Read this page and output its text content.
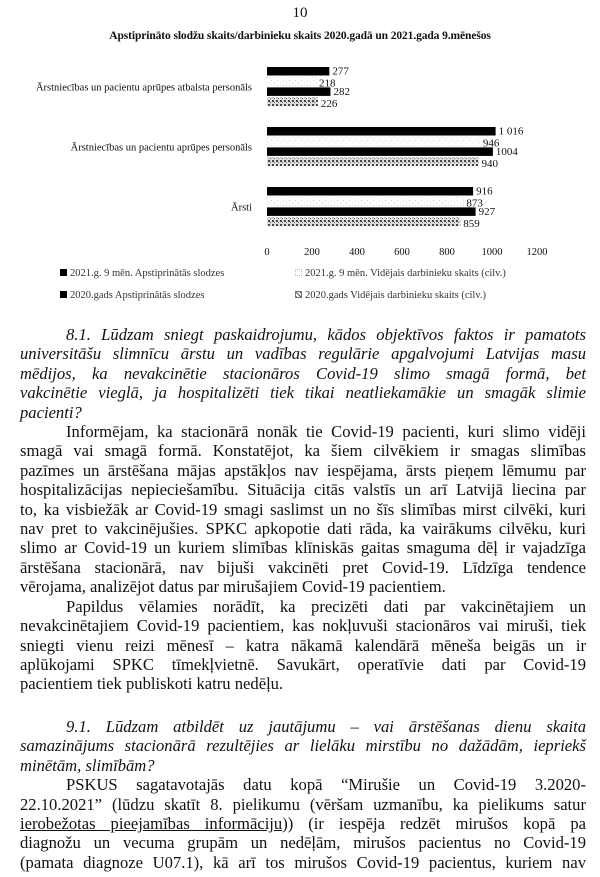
10
Apstiprināto slodžu skaits/darbinieku skaits 2020.gadā un 2021.gada 9.mēnešos
Ārstniecības un pacientu aprūpes atbalsta personāls
Ārstniecības un pacientu aprūpes personāls
Ārsti
277
218
282
226
1 016
946
1004
940
916
873
927
859
0	200	400	600	800	1000 1200
2021.g. 9 mēn. Apstiprinātās slodzes	2021.g. 9 mēn. Vidējais darbinieku skaits (cilv.)
2020.gads Apstiprinātās slodzes	2020.gads Vidējais darbinieku skaits (cilv.)
8.1. Lūdzam sniegt paskaidrojumu, kādos objektīvos faktos ir pamatots
universitāšu slimnīcu ārstu un vadības regulārie apgalvojumi Latvijas masu
mēdijos, ka nevakcinētie stacionāros Covid-19 slimo smagā formā, bet
vakcinētie vieglā, ja hospitalizēti tiek tikai neatliekamākie un smagāk slimie
pacienti?
Informējam, ka stacionārā nonāk tie Covid-19 pacienti, kuri slimo vidēji
smagā vai smagā formā. Konstatējot, ka šiem cilvēkiem ir smagas slimības
pazīmes un ārstēšana mājas apstākļos nav iespējama, ārsts pieņem lēmumu par
hospitalizācijas nepieciešamību. Situācija citās valstīs un arī Latvijā liecina par
to, ka visbiežāk ar Covid-19 smagi saslimst un no šīs slimības mirst cilvēki, kuri
nav pret to vakcinējušies. SPKC apkopotie dati rāda, ka vairākums cilvēku, kuri
slimo ar Covid-19 un kuriem slimības klīniskās gaitas smaguma dēļ ir vajadzīga
ārstēšana stacionārā, nav bijuši vakcinēti pret Covid-19. Līdzīga tendence
vērojama, analizējot datus par mirušajiem Covid-19 pacientiem.
Papildus vēlamies norādīt, ka precizēti dati par vakcinētajiem un
nevakcinētajiem Covid-19 pacientiem, kas nokļuvuši stacionāros vai miruši, tiek
sniegti vienu reizi mēnesī – katra nākamā kalendārā mēneša beigās un ir
aplūkojami SPKC tīmekļvietnē. Savukārt, operatīvie dati par Covid-19
pacientiem tiek publiskoti katru nedēļu.
9.1. Lūdzam atbildēt uz jautājumu – vai ārstēšanas dienu skaita
samazinājums stacionārā rezultējies ar lielāku mirstību no dažādām, iepriekš
minētām, slimībām?
PSKUS sagatavotajās datu kopā “Mirušie un Covid-19 3.2020-
22.10.2021” (lūdzu skatīt 8. pielikumu (vēršam uzmanību, ka pielikums satur
ierobežotas pieejamības informāciju)) (ir iespēja redzēt mirušos kopā pa
diagnožu un vecuma grupām un nedēļām, mirušos pacientus no Covid-19
(pamata diagnoze U07.1), kā arī tos mirušos Covid-19 pacientus, kuriem nav
